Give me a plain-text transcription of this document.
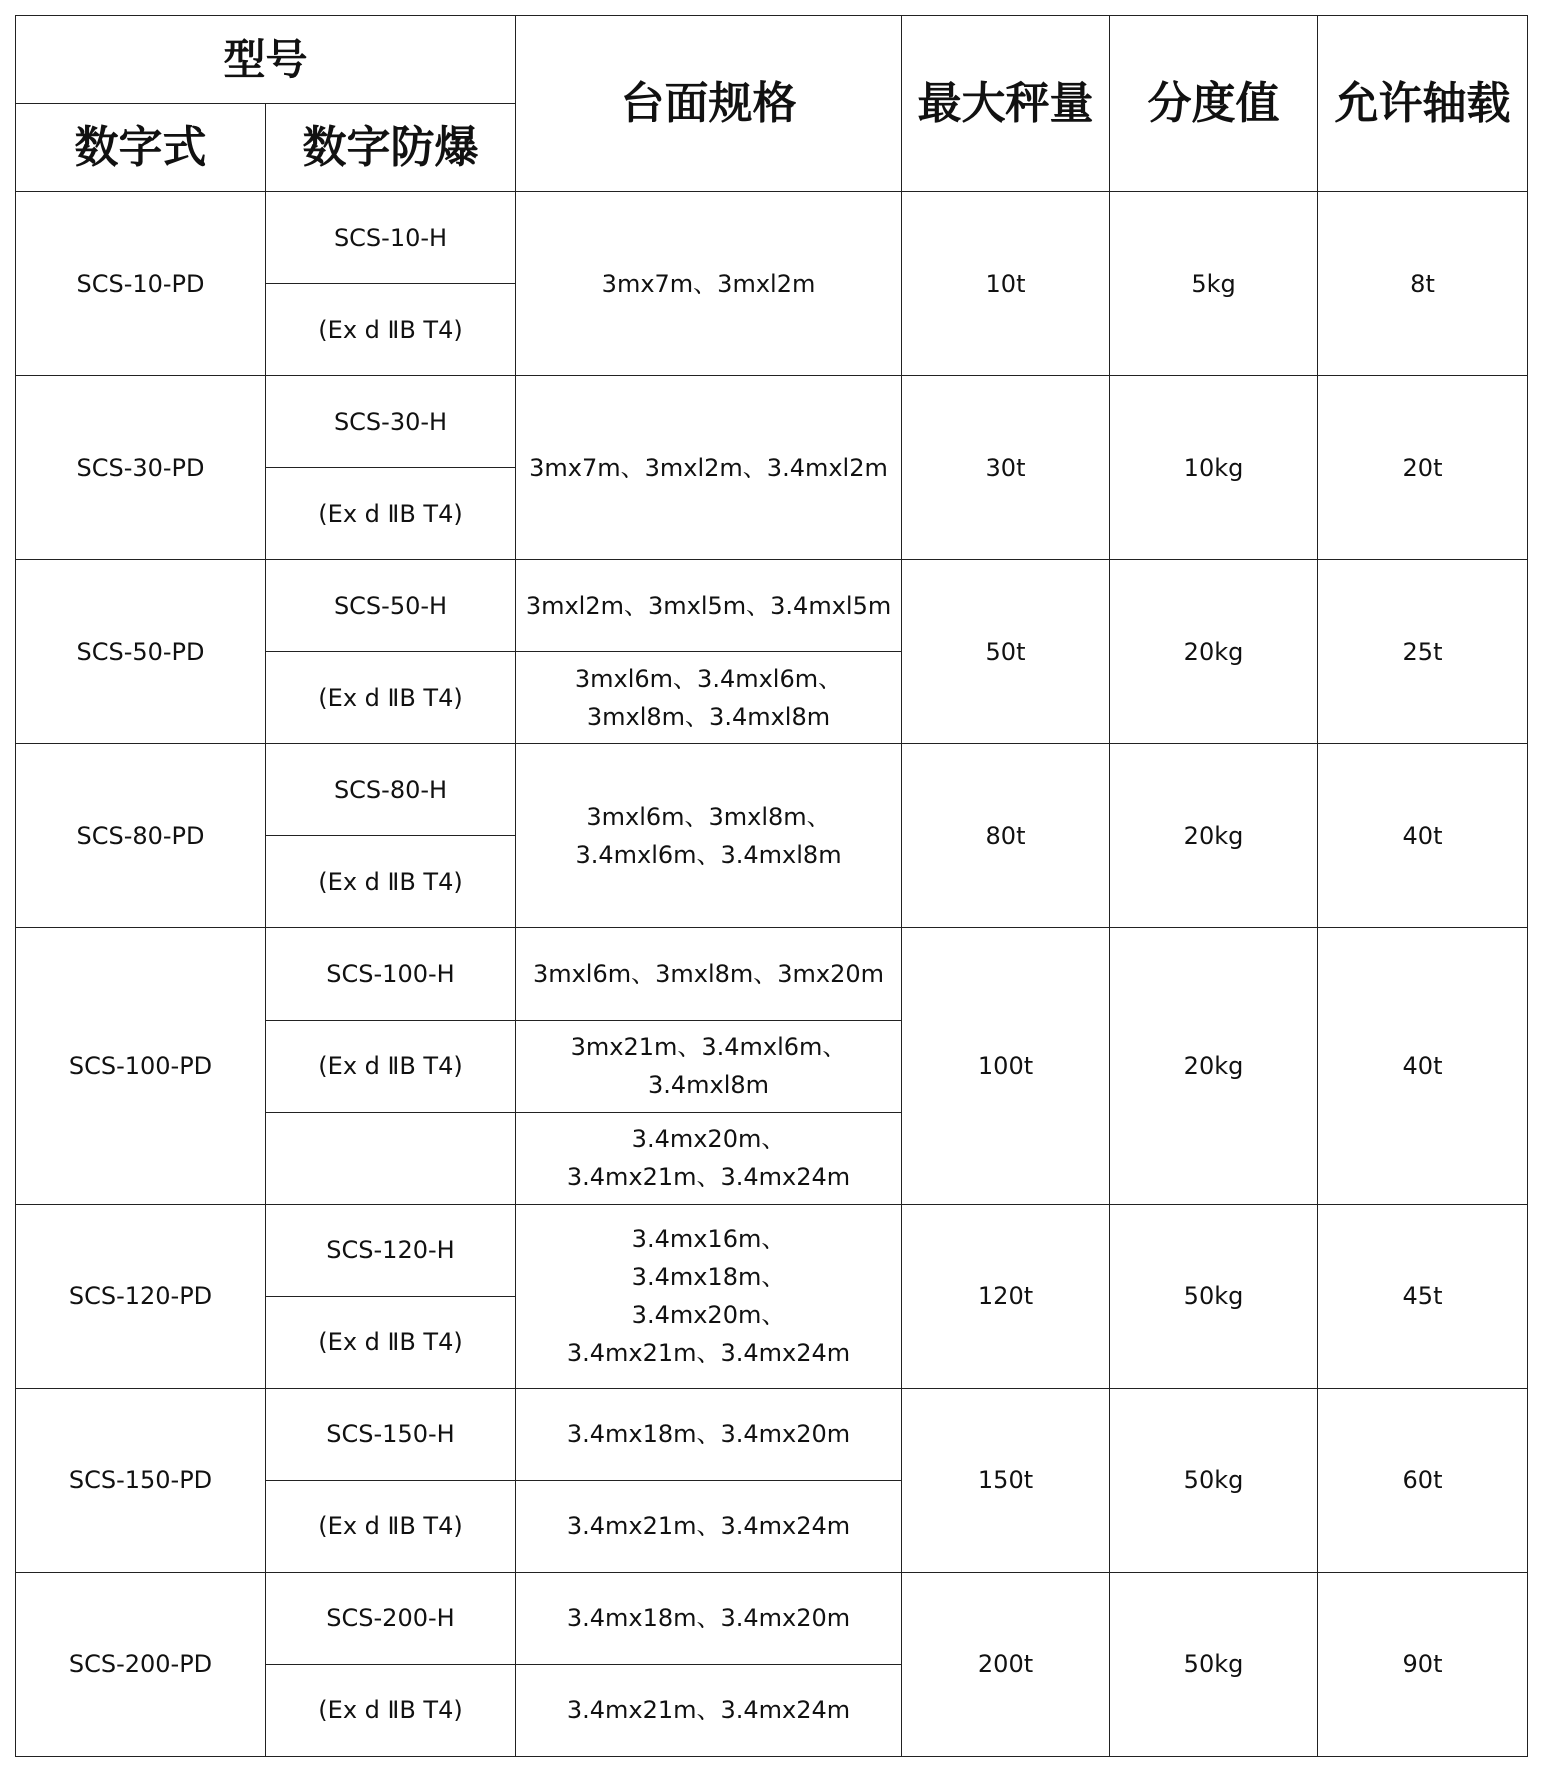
型号		台面规格	最大秤量	分度值	允许轴载
数字式	数字防爆				
SCS-10-PD	SCS-10-H	3mx7m、3mxl2m	10t	5kg	8t
	(Ex d ⅡB T4)				
SCS-30-PD	SCS-30-H	3mx7m、3mxl2m、3.4mxl2m	30t	10kg	20t
	(Ex d ⅡB T4)				
SCS-50-PD	SCS-50-H	3mxl2m、3mxl5m、3.4mxl5m	50t	20kg	25t
	(Ex d ⅡB T4)	3mxl6m、3.4mxl6m、3mxl8m、3.4mxl8m			
SCS-80-PD	SCS-80-H	3mxl6m、3mxl8m、3.4mxl6m、3.4mxl8m	80t	20kg	40t
	(Ex d ⅡB T4)				
SCS-100-PD	SCS-100-H	3mxl6m、3mxl8m、3mx20m	100t	20kg	40t
	(Ex d ⅡB T4)	3mx21m、3.4mxl6m、3.4mxl8m			
		3.4mx20m、3.4mx21m、3.4mx24m			
SCS-120-PD	SCS-120-H	3.4mx16m、3.4mx18m、3.4mx20m、3.4mx21m、3.4mx24m	120t	50kg	45t
	(Ex d ⅡB T4)				
SCS-150-PD	SCS-150-H	3.4mx18m、3.4mx20m	150t	50kg	60t
	(Ex d ⅡB T4)	3.4mx21m、3.4mx24m			
SCS-200-PD	SCS-200-H	3.4mx18m、3.4mx20m	200t	50kg	90t
	(Ex d ⅡB T4)	3.4mx21m、3.4mx24m			
